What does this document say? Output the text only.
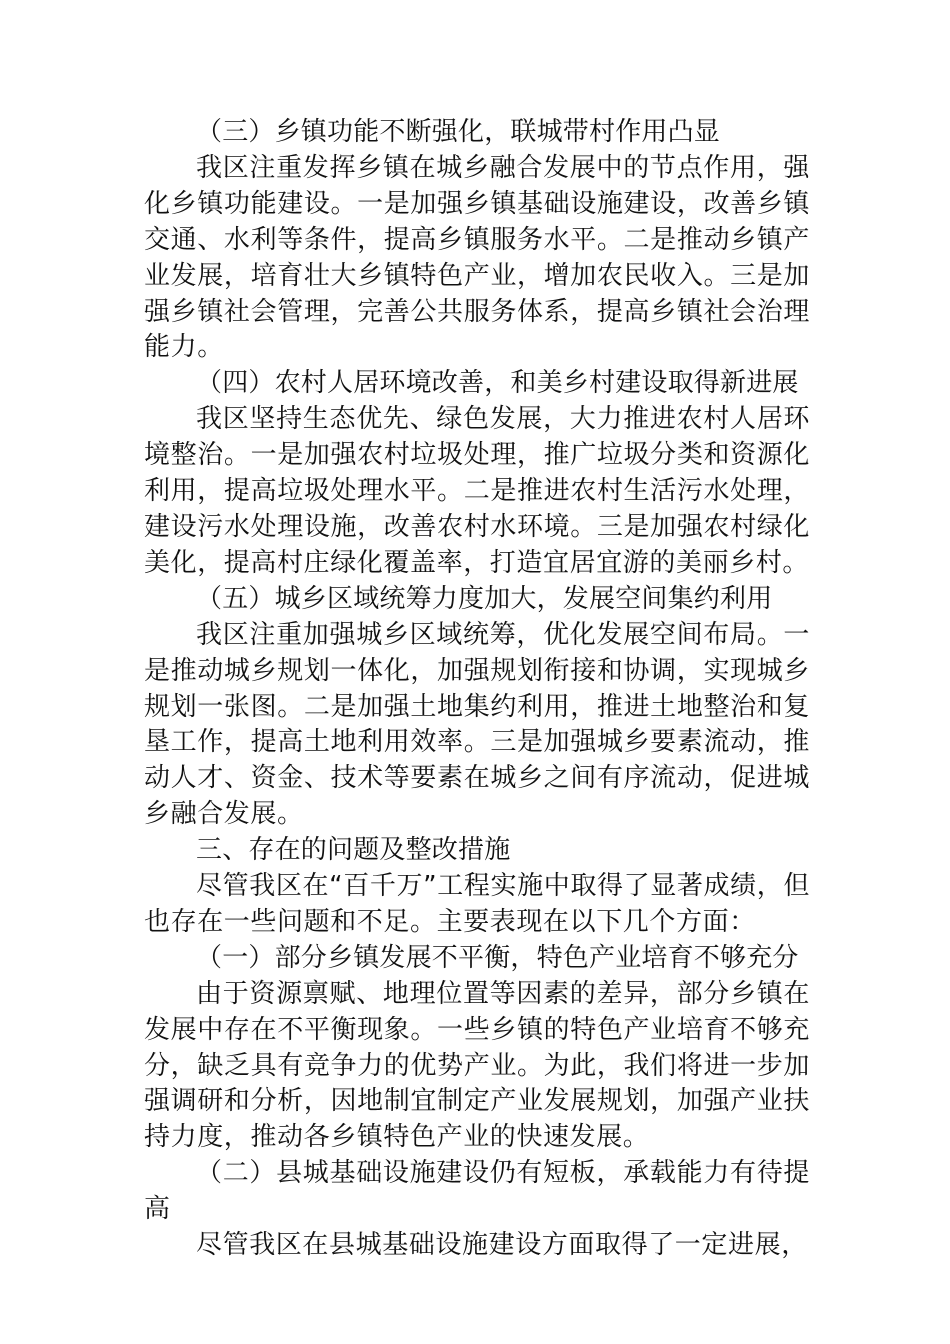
（三）乡镇功能不断强化，联城带村作用凸显

我区注重发挥乡镇在城乡融合发展中的节点作用，强化乡镇功能建设。一是加强乡镇基础设施建设，改善乡镇交通、水利等条件，提高乡镇服务水平。二是推动乡镇产业发展，培育壮大乡镇特色产业，增加农民收入。三是加强乡镇社会管理，完善公共服务体系，提高乡镇社会治理能力。

（四）农村人居环境改善，和美乡村建设取得新进展

我区坚持生态优先、绿色发展，大力推进农村人居环境整治。一是加强农村垃圾处理，推广垃圾分类和资源化利用，提高垃圾处理水平。二是推进农村生活污水处理，建设污水处理设施，改善农村水环境。三是加强农村绿化美化，提高村庄绿化覆盖率，打造宜居宜游的美丽乡村。

（五）城乡区域统筹力度加大，发展空间集约利用

我区注重加强城乡区域统筹，优化发展空间布局。一是推动城乡规划一体化，加强规划衔接和协调，实现城乡规划一张图。二是加强土地集约利用，推进土地整治和复垦工作，提高土地利用效率。三是加强城乡要素流动，推动人才、资金、技术等要素在城乡之间有序流动，促进城乡融合发展。

三、存在的问题及整改措施

尽管我区在“百千万”工程实施中取得了显著成绩，但也存在一些问题和不足。主要表现在以下几个方面：

（一）部分乡镇发展不平衡，特色产业培育不够充分

由于资源禀赋、地理位置等因素的差异，部分乡镇在发展中存在不平衡现象。一些乡镇的特色产业培育不够充分，缺乏具有竞争力的优势产业。为此，我们将进一步加强调研和分析，因地制宜制定产业发展规划，加强产业扶持力度，推动各乡镇特色产业的快速发展。

（二）县城基础设施建设仍有短板，承载能力有待提高

尽管我区在县城基础设施建设方面取得了一定进展，
